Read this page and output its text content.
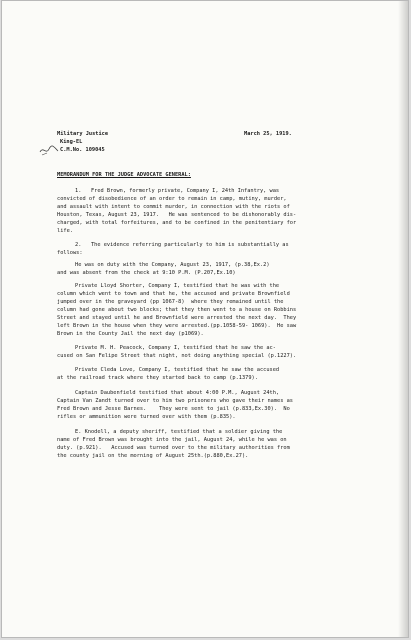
Military Justice	March 25, 1919.
King-EL
C.M.No. 109045
MEMORANDUM FOR THE JUDGE ADVOCATE GENERAL:
1.   Fred Brown, formerly private, Company I, 24th Infantry, was
convicted of disobedience of an order to remain in camp, mutiny, murder,
and assault with intent to commit murder, in connection with the riots of
Houston, Texas, August 23, 1917.   He was sentenced to be dishonorably dis-
charged, with total forfeitures, and to be confined in the penitentiary for
life.
2.   The evidence referring particularly to him is substantially as
follows:
He was on duty with the Company, August 23, 1917, (p.38,Ex.2)
and was absent from the check at 9:10 P.M. (P.207,Ex.10)
Private Lloyd Shorter, Company I, testified that he was with the
column which went to town and that he, the accused and private Brownfield
jumped over in the graveyard (pp 1067-8)  where they remained until the
column had gone about two blocks; that they then went to a house on Robbins
Street and stayed until he and Brownfield were arrested the next day.  They
left Brown in the house when they were arrested.(pp.1058-59- 1069).  He saw
Brown in the County Jail the next day (p1069).
Private M. H. Peacock, Company I, testified that he saw the ac-
cused on San Felipe Street that night, not doing anything special (p.1227).
Private Cleda Love, Company I, testified that he saw the accused
at the railroad track where they started back to camp (p.1379).
Captain Daubenfield testified that about 4:00 P.M., August 24th,
Captain Van Zandt turned over to him two prisoners who gave their names as
Fred Brown and Jesse Barnes.    They were sent to jail (p.833,Ex.30).  No
rifles or ammunition were turned over with them (p.835).
E. Knodell, a deputy sheriff, testified that a soldier giving the
name of Fred Brown was brought into the jail, August 24, while he was on
duty. (p.921).   Accused was turned over to the military authorities from
the county jail on the morning of August 25th.(p.880,Ex.27).
